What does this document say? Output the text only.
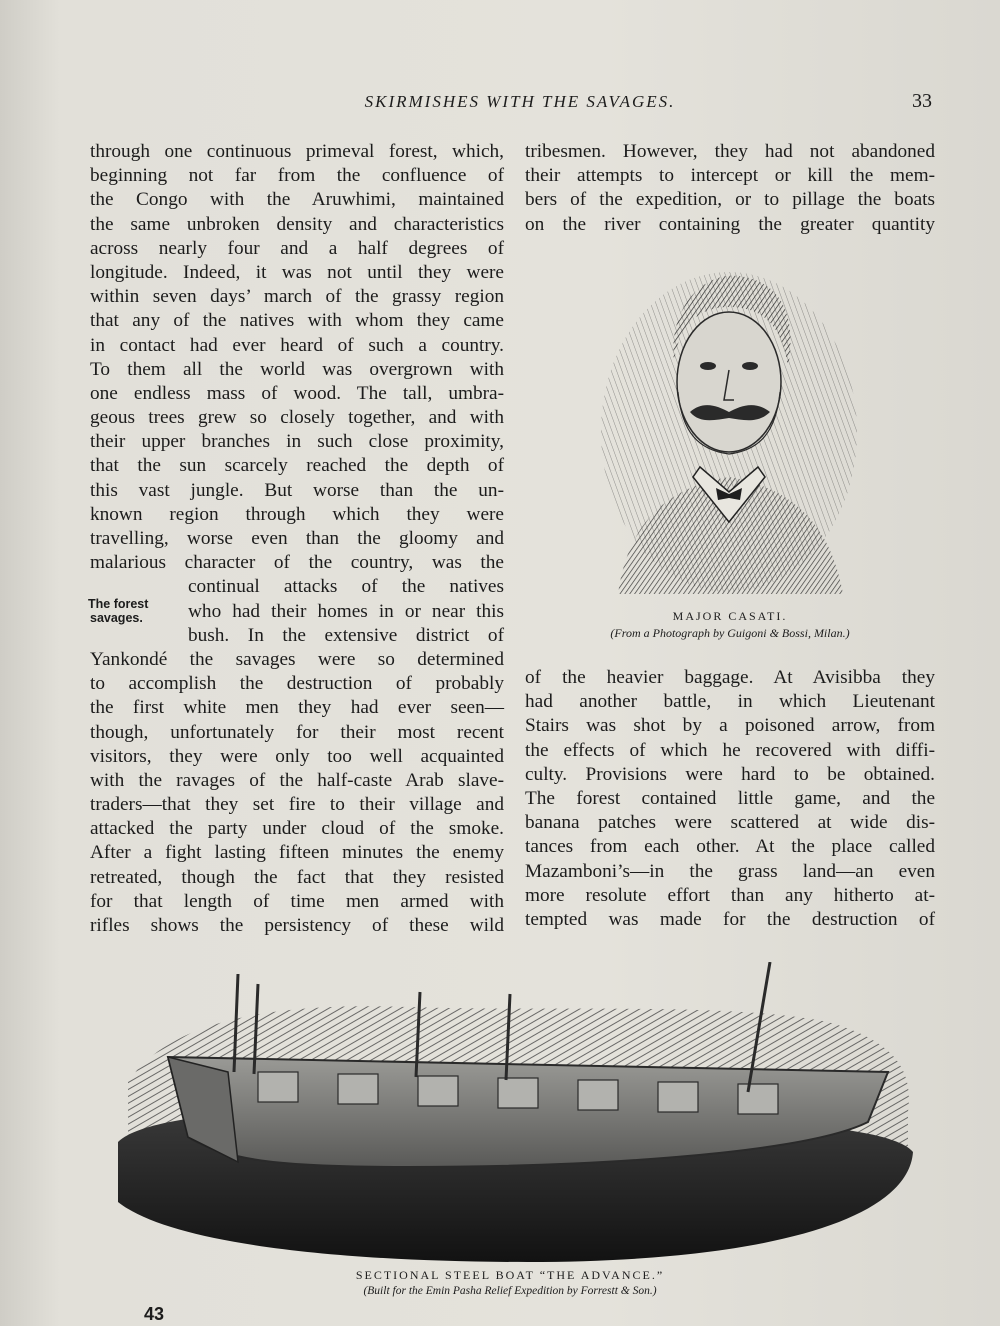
SKIRMISHES WITH THE SAVAGES.	33
through one continuous primeval forest, which,
beginning not far from the confluence of
the Congo with the Aruwhimi, maintained
the same unbroken density and characteristics
across nearly four and a half degrees of
longitude. Indeed, it was not until they were
within seven days’ march of the grassy region
that any of the natives with whom they came
in contact had ever heard of such a country.
To them all the world was overgrown with
one endless mass of wood. The tall, umbra-
geous trees grew so closely together, and with
their upper branches in such close proximity,
that the sun scarcely reached the depth of
this vast jungle. But worse than the un-
known region through which they were
travelling, worse even than the gloomy and
malarious character of the country, was the
continual attacks of the natives
who had their homes in or near this
bush. In the extensive district of
Yankondé the savages were so determined
to accomplish the destruction of probably
the first white men they had ever seen—
though, unfortunately for their most recent
visitors, they were only too well acquainted
with the ravages of the half-caste Arab slave-
traders—that they set fire to their village and
attacked the party under cloud of the smoke.
After a fight lasting fifteen minutes the enemy
retreated, though the fact that they resisted
for that length of time men armed with
rifles shows the persistency of these wild
The forest
savages.
tribesmen. However, they had not abandoned
their attempts to intercept or kill the mem-
bers of the expedition, or to pillage the boats
on the river containing the greater quantity
MAJOR CASATI.
(From a Photograph by Guigoni & Bossi, Milan.)
of the heavier baggage. At Avisibba they
had another battle, in which Lieutenant
Stairs was shot by a poisoned arrow, from
the effects of which he recovered with diffi-
culty. Provisions were hard to be obtained.
The forest contained little game, and the
banana patches were scattered at wide dis-
tances from each other. At the place called
Mazamboni’s—in the grass land—an even
more resolute effort than any hitherto at-
tempted was made for the destruction of
SECTIONAL STEEL BOAT “THE ADVANCE.”
(Built for the Emin Pasha Relief Expedition by Forrestt & Son.)
43
